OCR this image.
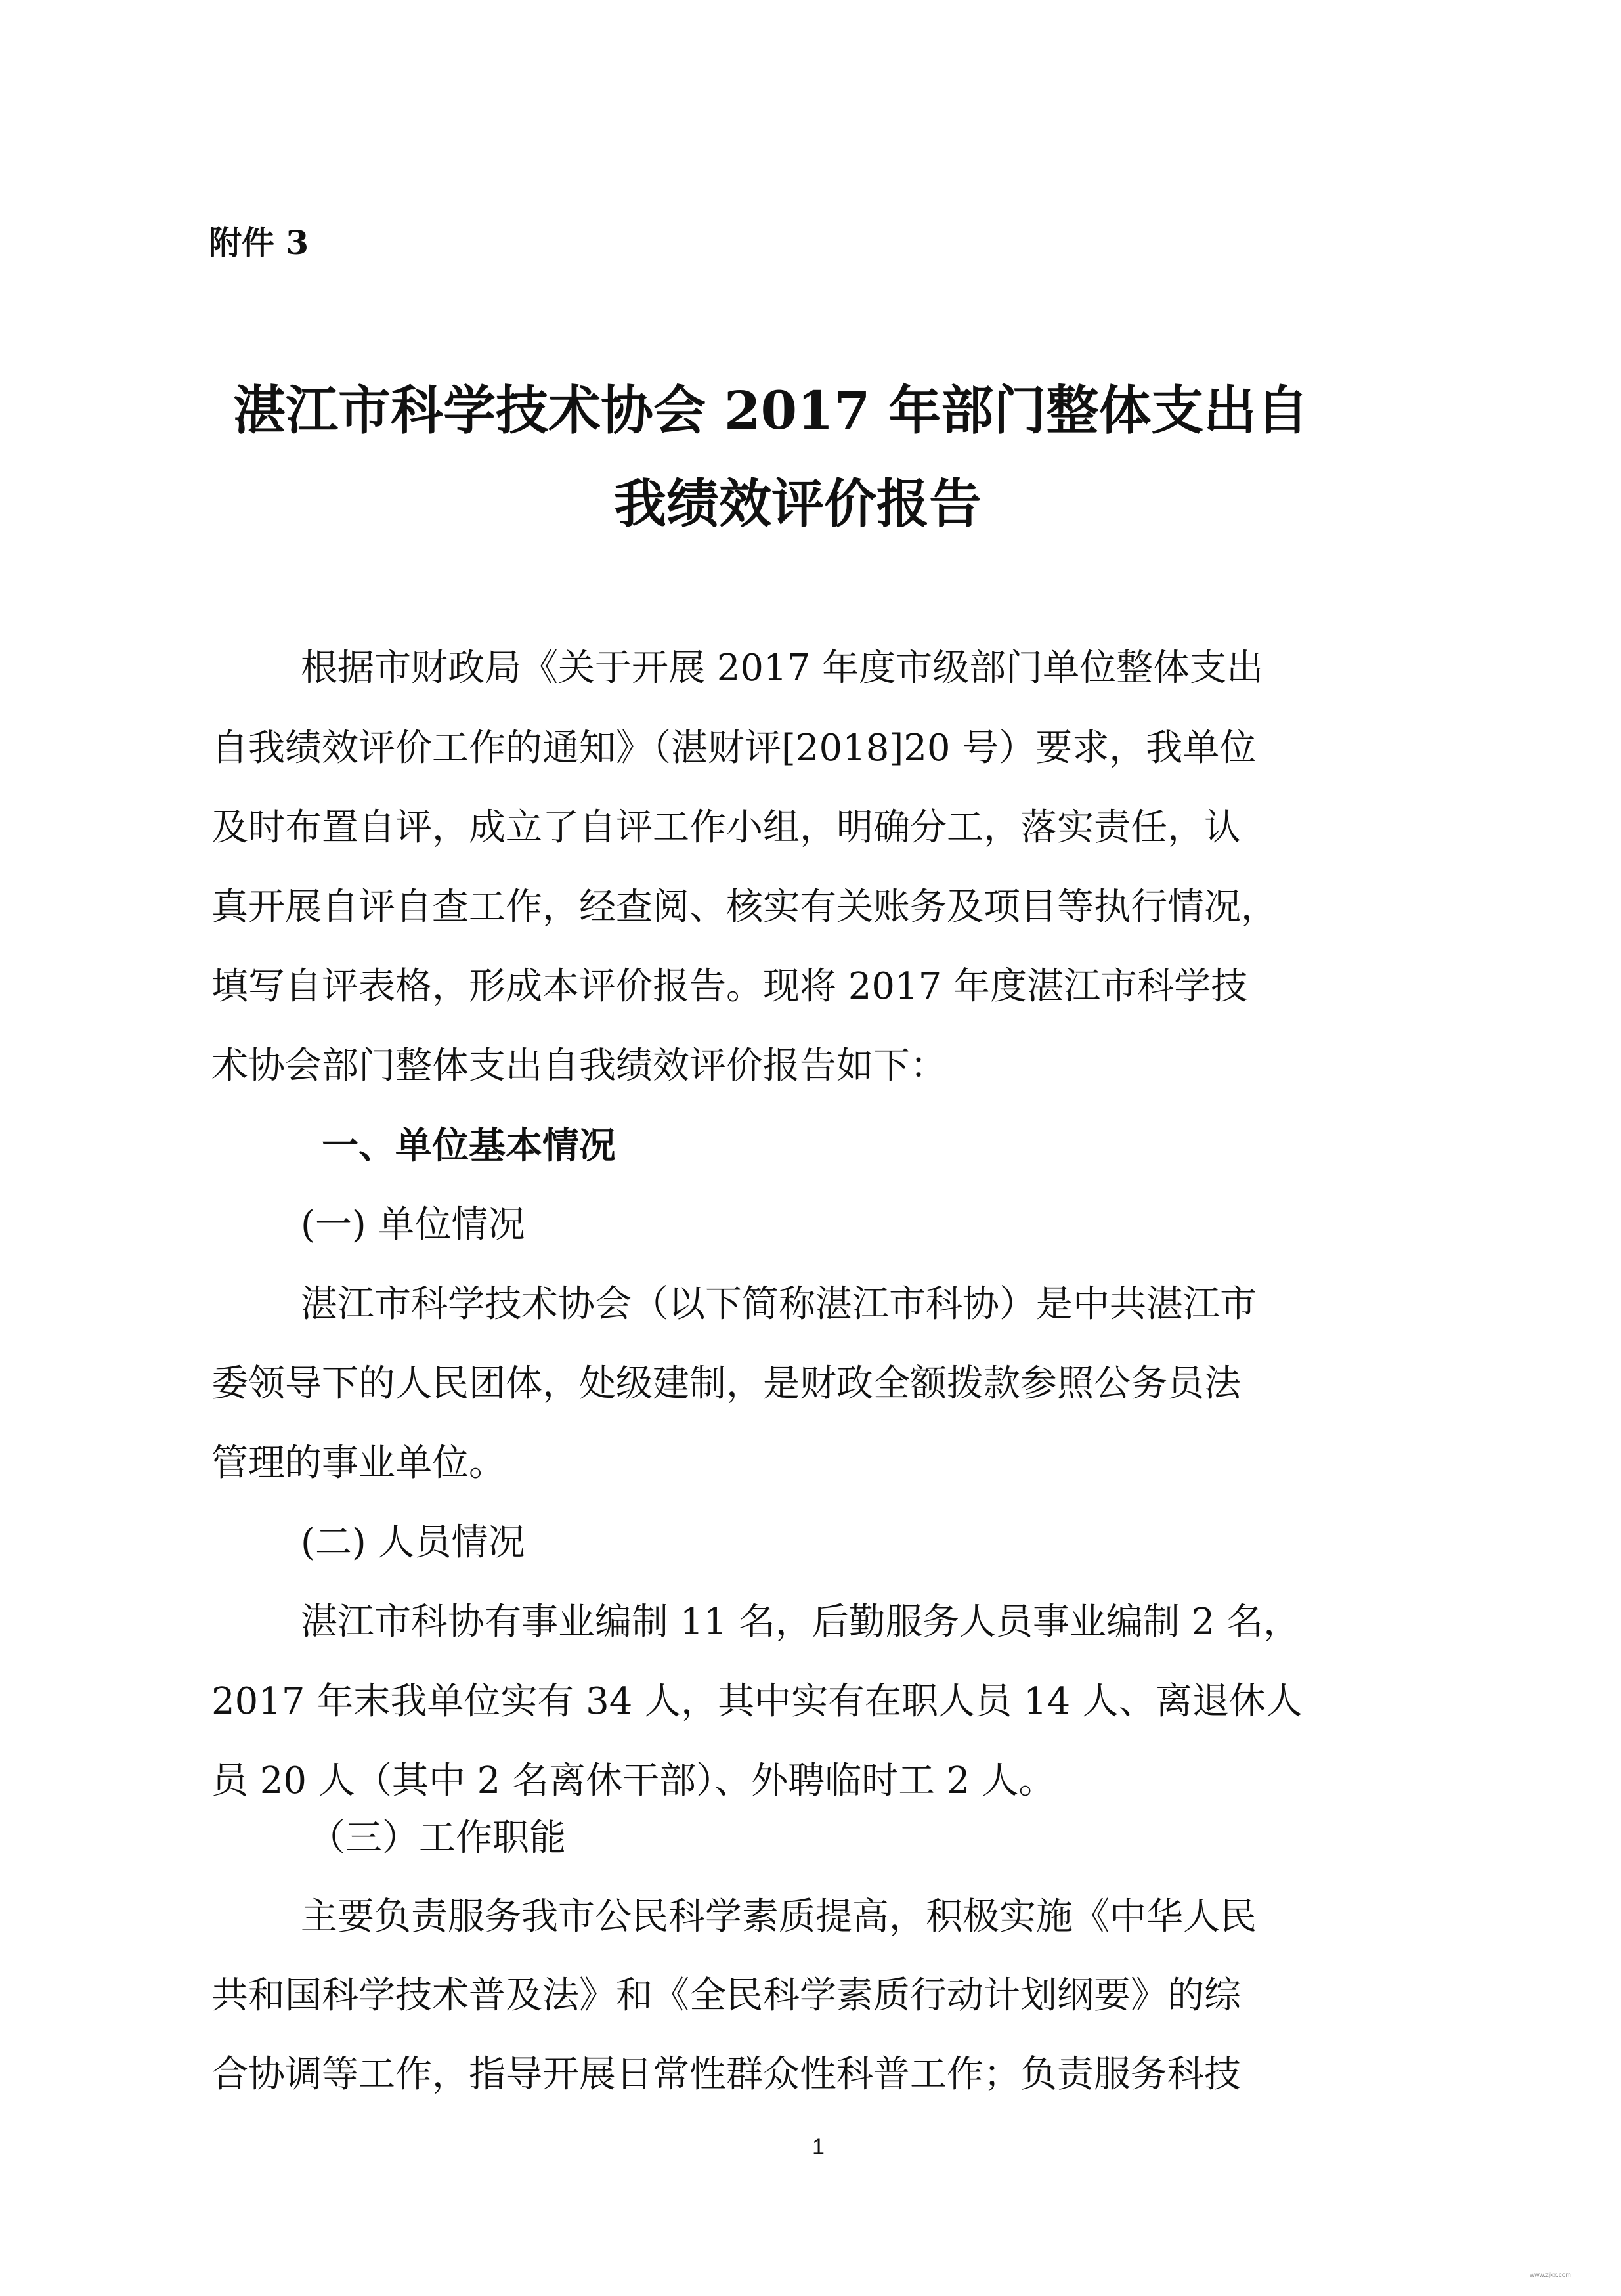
附件 3
湛江市科学技术协会 2017 年部门整体支出自
我绩效评价报告
根据市财政局《关于开展 2017 年度市级部门单位整体支出
自我绩效评价工作的通知》（湛财评[2018]20 号）要求，我单位
及时布置自评，成立了自评工作小组，明确分工，落实责任，认
真开展自评自查工作，经查阅、核实有关账务及项目等执行情况，
填写自评表格，形成本评价报告。现将 2017 年度湛江市科学技
术协会部门整体支出自我绩效评价报告如下：
一、单位基本情况
(一) 单位情况
湛江市科学技术协会（以下简称湛江市科协）是中共湛江市
委领导下的人民团体，处级建制，是财政全额拨款参照公务员法
管理的事业单位。
(二) 人员情况
湛江市科协有事业编制 11 名，后勤服务人员事业编制 2 名，
2017 年末我单位实有 34 人，其中实有在职人员 14 人、离退休人
员 20 人（其中 2 名离休干部）、外聘临时工 2 人。
（三）工作职能
主要负责服务我市公民科学素质提高，积极实施《中华人民
共和国科学技术普及法》和《全民科学素质行动计划纲要》的综
合协调等工作，指导开展日常性群众性科普工作；负责服务科技
1
www.zjkx.com
